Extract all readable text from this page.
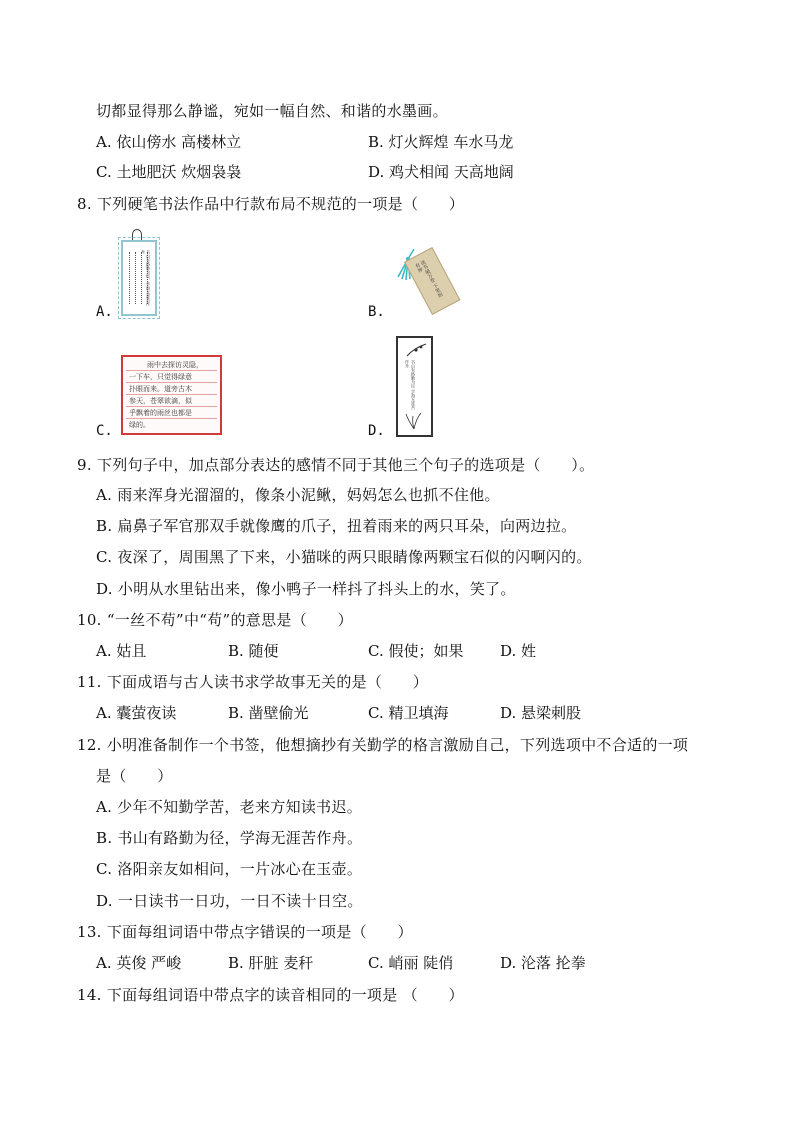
切都显得那么静谧，宛如一幅自然、和谐的水墨画。
A. 依山傍水 高楼林立	B. 灯火辉煌 车水马龙
C. 土地肥沃 炊烟袅袅	D. 鸡犬相闻 天高地阔
8. 下列硬笔书法作品中行款布局不规范的一项是（　　）
书山有路勤为径，学海无涯苦作舟
A.
读书破万卷 下笔如有神
B.
雨中去探访灵隐，
一下车，只觉得绿意
扑眼而来。道旁古木
参天，苍翠欲滴，似
乎飘着的雨丝也都是
绿的。
C.
书山有路勤为径 学海无涯苦作舟
D.
9. 下列句子中，加点部分表达的感情不同于其他三个句子的选项是（　　）。
A. 雨来浑身光溜溜的，像条小泥鳅，妈妈怎么也抓不住他。
B. 扁鼻子军官那双手就像鹰的爪子，扭着雨来的两只耳朵，向两边拉。
C. 夜深了，周围黑了下来，小猫咪的两只眼睛像两颗宝石似的闪啊闪的。
D. 小明从水里钻出来，像小鸭子一样抖了抖头上的水，笑了。
10. “一丝不苟”中“苟”的意思是（　　）
A. 姑且	B. 随便	C. 假使；如果 D. 姓
11. 下面成语与古人读书求学故事无关的是（　　）
A. 囊萤夜读	B. 凿壁偷光	C. 精卫填海	D. 悬梁刺股
12. 小明准备制作一个书签，他想摘抄有关勤学的格言激励自己，下列选项中不合适的一项
是（　　）
A. 少年不知勤学苦，老来方知读书迟。
B. 书山有路勤为径，学海无涯苦作舟。
C. 洛阳亲友如相问，一片冰心在玉壶。
D. 一日读书一日功，一日不读十日空。
13. 下面每组词语中带点字错误的一项是（　　）
A. 英俊 严峻	B. 肝脏 麦秆	C. 峭丽 陡俏	D. 沦落 抡拳
14. 下面每组词语中带点字的读音相同的一项是 （　　）
